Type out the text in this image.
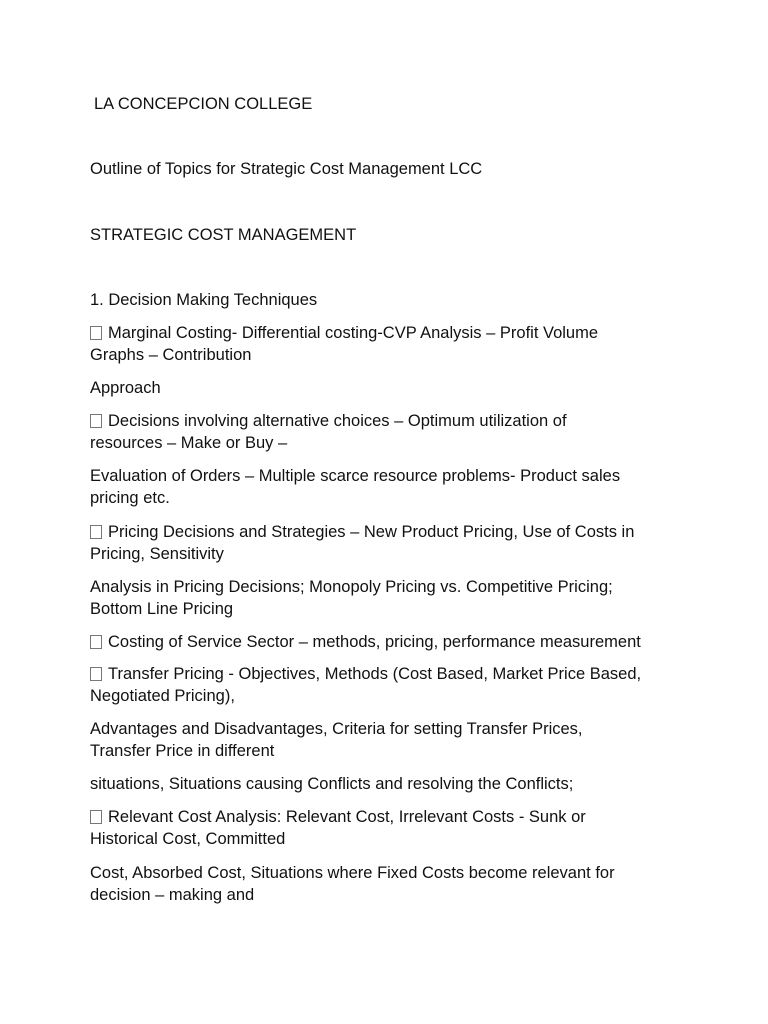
LA CONCEPCION COLLEGE
Outline of Topics for Strategic Cost Management LCC
STRATEGIC COST MANAGEMENT
1. Decision Making Techniques
Marginal Costing- Differential costing-CVP Analysis – Profit Volume
Graphs – Contribution
Approach
Decisions involving alternative choices – Optimum utilization of
resources – Make or Buy –
Evaluation of Orders – Multiple scarce resource problems- Product sales
pricing etc.
Pricing Decisions and Strategies – New Product Pricing, Use of Costs in
Pricing, Sensitivity
Analysis in Pricing Decisions; Monopoly Pricing vs. Competitive Pricing;
Bottom Line Pricing
Costing of Service Sector – methods, pricing, performance measurement
Transfer Pricing - Objectives, Methods (Cost Based, Market Price Based,
Negotiated Pricing),
Advantages and Disadvantages, Criteria for setting Transfer Prices,
Transfer Price in different
situations, Situations causing Conflicts and resolving the Conflicts;
Relevant Cost Analysis: Relevant Cost, Irrelevant Costs - Sunk or
Historical Cost, Committed
Cost, Absorbed Cost, Situations where Fixed Costs become relevant for
decision – making and
